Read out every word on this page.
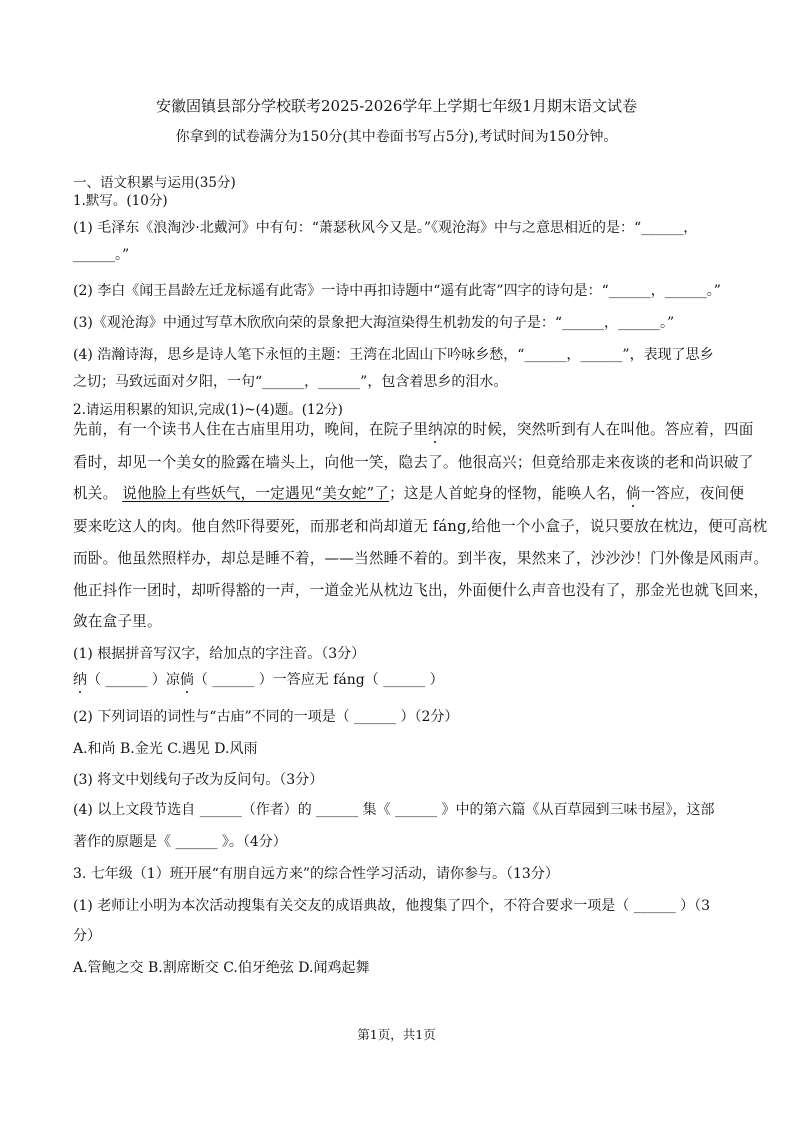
安徽固镇县部分学校联考2025-2026学年上学期七年级1月期末语文试卷
你拿到的试卷满分为150分(其中卷面书写占5分),考试时间为150分钟。
一、语文积累与运用(35分)
1.默写。(10分)
(1) 毛泽东《浪淘沙·北戴河》中有句：“萧瑟秋风今又是。”《观沧海》中与之意思相近的是：“______，
______。”
(2) 李白《闻王昌龄左迁龙标遥有此寄》一诗中再扣诗题中“遥有此寄”四字的诗句是：“______，______。”
(3)《观沧海》中通过写草木欣欣向荣的景象把大海渲染得生机勃发的句子是：“______，______。”
(4) 浩瀚诗海，思乡是诗人笔下永恒的主题：王湾在北固山下吟咏乡愁，“______，______”，表现了思乡
之切；马致远面对夕阳，一句“______，______”，包含着思乡的泪水。
2.请运用积累的知识,完成(1)~(4)题。(12分)
先前，有一个读书人住在古庙里用功，晚间，在院子里纳凉的时候，突然听到有人在叫他。答应着，四面
看时，却见一个美女的脸露在墙头上，向他一笑，隐去了。他很高兴；但竟给那走来夜谈的老和尚识破了
机关。 说他脸上有些妖气，一定遇见“美女蛇”了；这是人首蛇身的怪物，能唤人名，倘一答应，夜间便
要来吃这人的肉。他自然吓得要死，而那老和尚却道无 fáng,给他一个小盒子，说只要放在枕边，便可高枕
而卧。他虽然照样办，却总是睡不着，——当然睡不着的。到半夜，果然来了，沙沙沙！门外像是风雨声。
他正抖作一团时，却听得豁的一声，一道金光从枕边飞出，外面便什么声音也没有了，那金光也就飞回来，
敛在盒子里。
(1) 根据拼音写汉字，给加点的字注音。（3分）
纳（ ______ ）凉倘（ ______ ）一答应无 fáng（ ______ ）
(2) 下列词语的词性与“古庙”不同的一项是（ ______ ）（2分）
A.和尚 B.金光 C.遇见 D.风雨
(3) 将文中划线句子改为反问句。（3分）
(4) 以上文段节选自 ______（作者）的 ______ 集《 ______ 》中的第六篇《从百草园到三味书屋》，这部
著作的原题是《 ______ 》。（4分）
3. 七年级（1）班开展“有朋自远方来”的综合性学习活动，请你参与。（13分）
(1) 老师让小明为本次活动搜集有关交友的成语典故，他搜集了四个，不符合要求一项是（ ______ ）（3
分）
A.管鲍之交 B.割席断交 C.伯牙绝弦 D.闻鸡起舞
第1页，共1页
